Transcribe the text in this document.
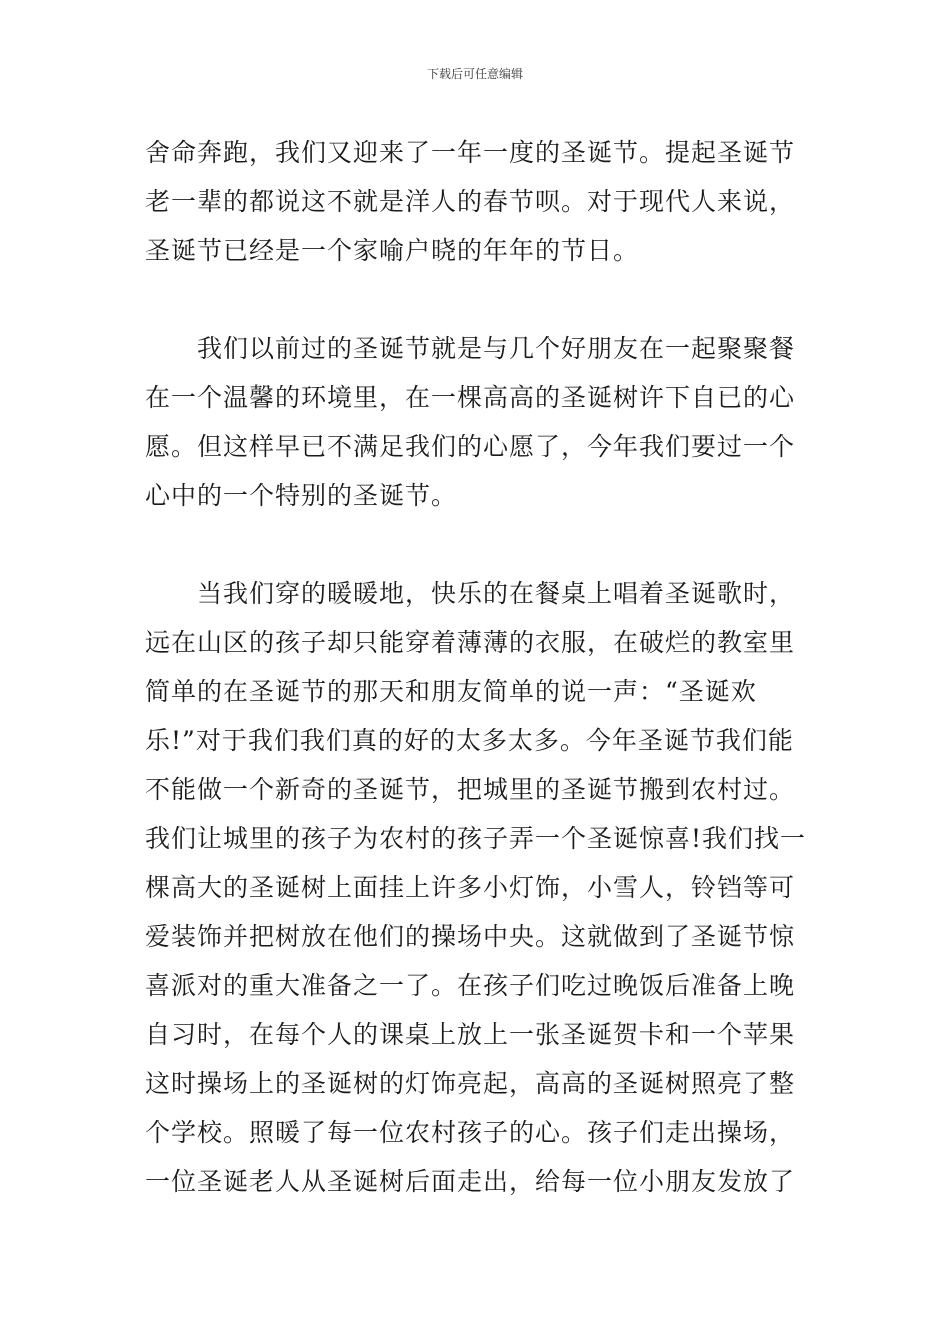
下载后可任意编辑
舍命奔跑，我们又迎来了一年一度的圣诞节。提起圣诞节
老一辈的都说这不就是洋人的春节呗。对于现代人来说，
圣诞节已经是一个家喻户晓的年年的节日。
我们以前过的圣诞节就是与几个好朋友在一起聚聚餐
在一个温馨的环境里，在一棵高高的圣诞树许下自已的心
愿。但这样早已不满足我们的心愿了，今年我们要过一个
心中的一个特别的圣诞节。
当我们穿的暖暖地，快乐的在餐桌上唱着圣诞歌时，
远在山区的孩子却只能穿着薄薄的衣服，在破烂的教室里
简单的在圣诞节的那天和朋友简单的说一声：“圣诞欢
乐!”对于我们我们真的好的太多太多。今年圣诞节我们能
不能做一个新奇的圣诞节，把城里的圣诞节搬到农村过。
我们让城里的孩子为农村的孩子弄一个圣诞惊喜!我们找一
棵高大的圣诞树上面挂上许多小灯饰，小雪人，铃铛等可
爱装饰并把树放在他们的操场中央。这就做到了圣诞节惊
喜派对的重大准备之一了。在孩子们吃过晚饭后准备上晚
自习时，在每个人的课桌上放上一张圣诞贺卡和一个苹果
这时操场上的圣诞树的灯饰亮起，高高的圣诞树照亮了整
个学校。照暖了每一位农村孩子的心。孩子们走出操场，
一位圣诞老人从圣诞树后面走出，给每一位小朋友发放了
